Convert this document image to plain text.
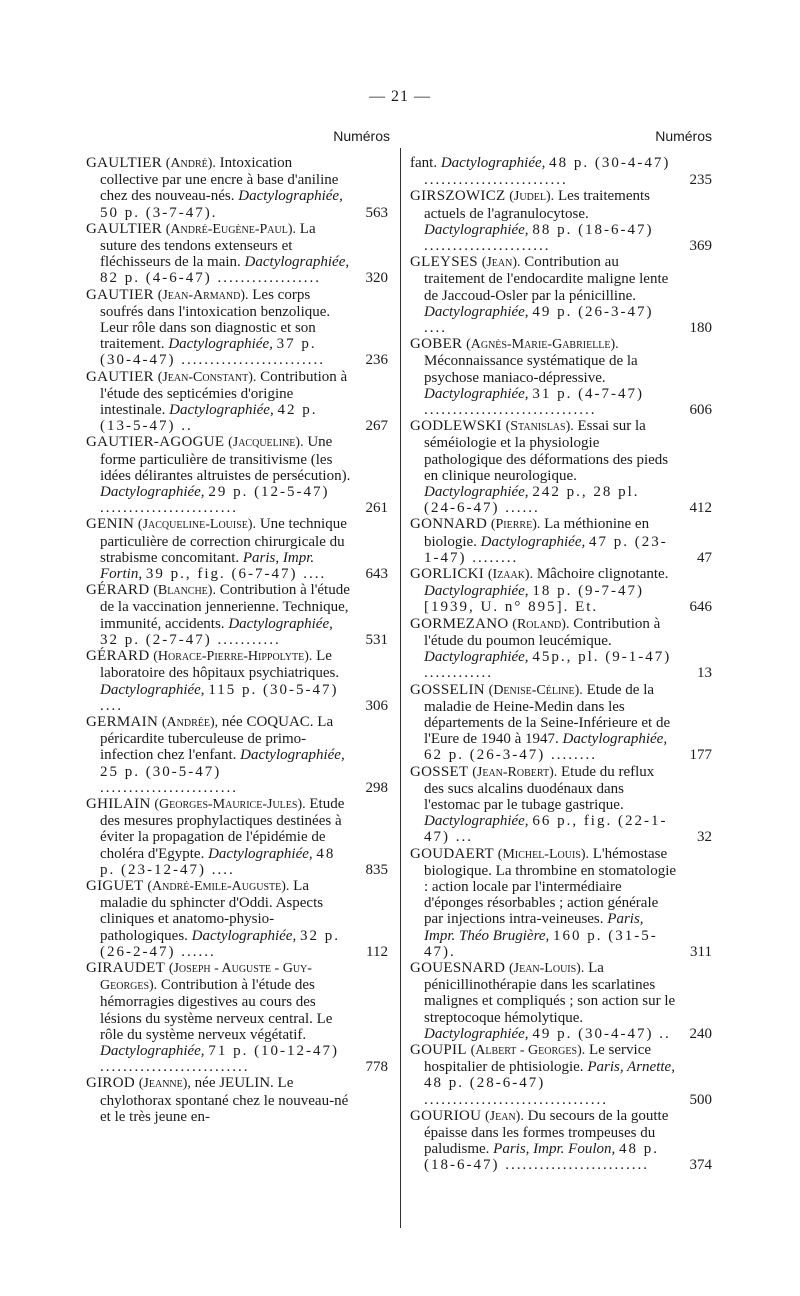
— 21 —
Numéros	Numéros
GAULTIER (André). Intoxication collective par une encre à base d'aniline chez des nouveau-nés. Dactylographiée, 50 p. (3-7-47).	563
GAULTIER (André-Eugène-Paul). La suture des tendons extenseurs et fléchisseurs de la main. Dactylographiée, 82 p. (4-6-47) ..................	320
GAUTIER (Jean-Armand). Les corps soufrés dans l'intoxication benzolique. Leur rôle dans son diagnostic et son traitement. Dactylographiée, 37 p. (30-4-47) .........................	236
GAUTIER (Jean-Constant). Contribution à l'étude des septicémies d'origine intestinale. Dactylographiée, 42 p. (13-5-47) ..	267
GAUTIER-AGOGUE (Jacqueline). Une forme particulière de transitivisme (les idées délirantes altruistes de persécution). Dactylographiée, 29 p. (12-5-47) ........................	261
GENIN (Jacqueline-Louise). Une technique particulière de correction chirurgicale du strabisme concomitant. Paris, Impr. Fortin, 39 p., fig. (6-7-47) ....	643
GÉRARD (Blanche). Contribution à l'étude de la vaccination jennerienne. Technique, immunité, accidents. Dactylographiée, 32 p. (2-7-47) ...........	531
GÉRARD (Horace-Pierre-Hippolyte). Le laboratoire des hôpitaux psychiatriques. Dactylographiée, 115 p. (30-5-47) ....	306
GERMAIN (Andrée), née COQUAC. La péricardite tuberculeuse de primo-infection chez l'enfant. Dactylographiée, 25 p. (30-5-47) ........................	298
GHILAIN (Georges-Maurice-Jules). Etude des mesures prophylactiques destinées à éviter la propagation de l'épidémie de choléra d'Egypte. Dactylographiée, 48 p. (23-12-47) ....	835
GIGUET (André-Emile-Auguste). La maladie du sphincter d'Oddi. Aspects cliniques et anatomo-physio-pathologiques. Dactylographiée, 32 p. (26-2-47) ......	112
GIRAUDET (Joseph - Auguste - Guy-Georges). Contribution à l'étude des hémorragies digestives au cours des lésions du système nerveux central. Le rôle du système nerveux végétatif. Dactylographiée, 71 p. (10-12-47) ..........................	778
GIROD (Jeanne), née JEULIN. Le chylothorax spontané chez le nouveau-né et le très jeune en-
fant. Dactylographiée, 48 p. (30-4-47) .........................	235
GIRSZOWICZ (Judel). Les traitements actuels de l'agranulocytose. Dactylographiée, 88 p. (18-6-47) ......................	369
GLEYSES (Jean). Contribution au traitement de l'endocardite maligne lente de Jaccoud-Osler par la pénicilline. Dactylographiée, 49 p. (26-3-47) ....	180
GOBER (Agnès-Marie-Gabrielle). Méconnaissance systématique de la psychose maniaco-dépressive. Dactylographiée, 31 p. (4-7-47) ..............................	606
GODLEWSKI (Stanislas). Essai sur la séméiologie et la physiologie pathologique des déformations des pieds en clinique neurologique. Dactylographiée, 242 p., 28 pl. (24-6-47) ......	412
GONNARD (Pierre). La méthionine en biologie. Dactylographiée, 47 p. (23-1-47) ........	47
GORLICKI (Izaak). Mâchoire clignotante. Dactylographiée, 18 p. (9-7-47) [1939, U. n° 895]. Et.	646
GORMEZANO (Roland). Contribution à l'étude du poumon leucémique. Dactylographiée, 45p., pl. (9-1-47) ............	13
GOSSELIN (Denise-Céline). Etude de la maladie de Heine-Medin dans les départements de la Seine-Inférieure et de l'Eure de 1940 à 1947. Dactylographiée, 62 p. (26-3-47) ........	177
GOSSET (Jean-Robert). Etude du reflux des sucs alcalins duodénaux dans l'estomac par le tubage gastrique. Dactylographiée, 66 p., fig. (22-1-47) ...	32
GOUDAERT (Michel-Louis). L'hémostase biologique. La thrombine en stomatologie : action locale par l'intermédiaire d'éponges résorbables ; action générale par injections intra-veineuses. Paris, Impr. Théo Brugière, 160 p. (31-5-47).	311
GOUESNARD (Jean-Louis). La pénicillinothérapie dans les scarlatines malignes et compliqués ; son action sur le streptocoque hémolytique. Dactylographiée, 49 p. (30-4-47) .. 240
GOUPIL (Albert - Georges). Le service hospitalier de phtisiologie. Paris, Arnette, 48 p. (28-6-47) ................................	500
GOURIOU (Jean). Du secours de la goutte épaisse dans les formes trompeuses du paludisme. Paris, Impr. Foulon, 48 p. (18-6-47) .........................	374
